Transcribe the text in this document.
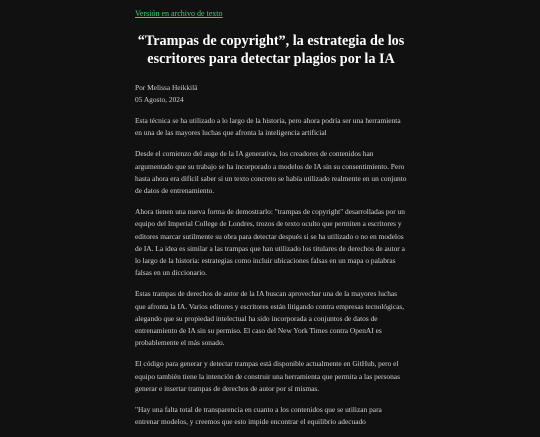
Versión en archivo de texto
“Trampas de copyright”, la estrategia de los escritores para detectar plagios por la IA
Por Melissa Heikkilä
05 Agosto, 2024

Esta técnica se ha utilizado a lo largo de la historia, pero ahora podría ser una herramienta en una de las mayores luchas que afronta la inteligencia artificial

Desde el comienzo del auge de la IA generativa, los creadores de contenidos han argumentado que su trabajo se ha incorporado a modelos de IA sin su consentimiento. Pero hasta ahora era difícil saber si un texto concreto se había utilizado realmente en un conjunto de datos de entrenamiento.

Ahora tienen una nueva forma de demostrarlo: "trampas de copyright" desarrolladas por un equipo del Imperial College de Londres, trozos de texto oculto que permiten a escritores y editores marcar sutilmente su obra para detectar después si se ha utilizado o no en modelos de IA. La idea es similar a las trampas que han utilizado los titulares de derechos de autor a lo largo de la historia: estrategias como incluir ubicaciones falsas en un mapa o palabras falsas en un diccionario.

Estas trampas de derechos de autor de la IA buscan aprovechar una de la mayores luchas que afronta la IA. Varios editores y escritores están litigando contra empresas tecnológicas, alegando que su propiedad intelectual ha sido incorporada a conjuntos de datos de entrenamiento de IA sin su permiso. El caso del New York Times contra OpenAI es probablemente el más sonado.

El código para generar y detectar trampas está disponible actualmente en GitHub, pero el equipo también tiene la intención de construir una herramienta que permita a las personas generar e insertar trampas de derechos de autor por sí mismas.

"Hay una falta total de transparencia en cuanto a los contenidos que se utilizan para entrenar modelos, y creemos que esto impide encontrar el equilibrio adecuado
